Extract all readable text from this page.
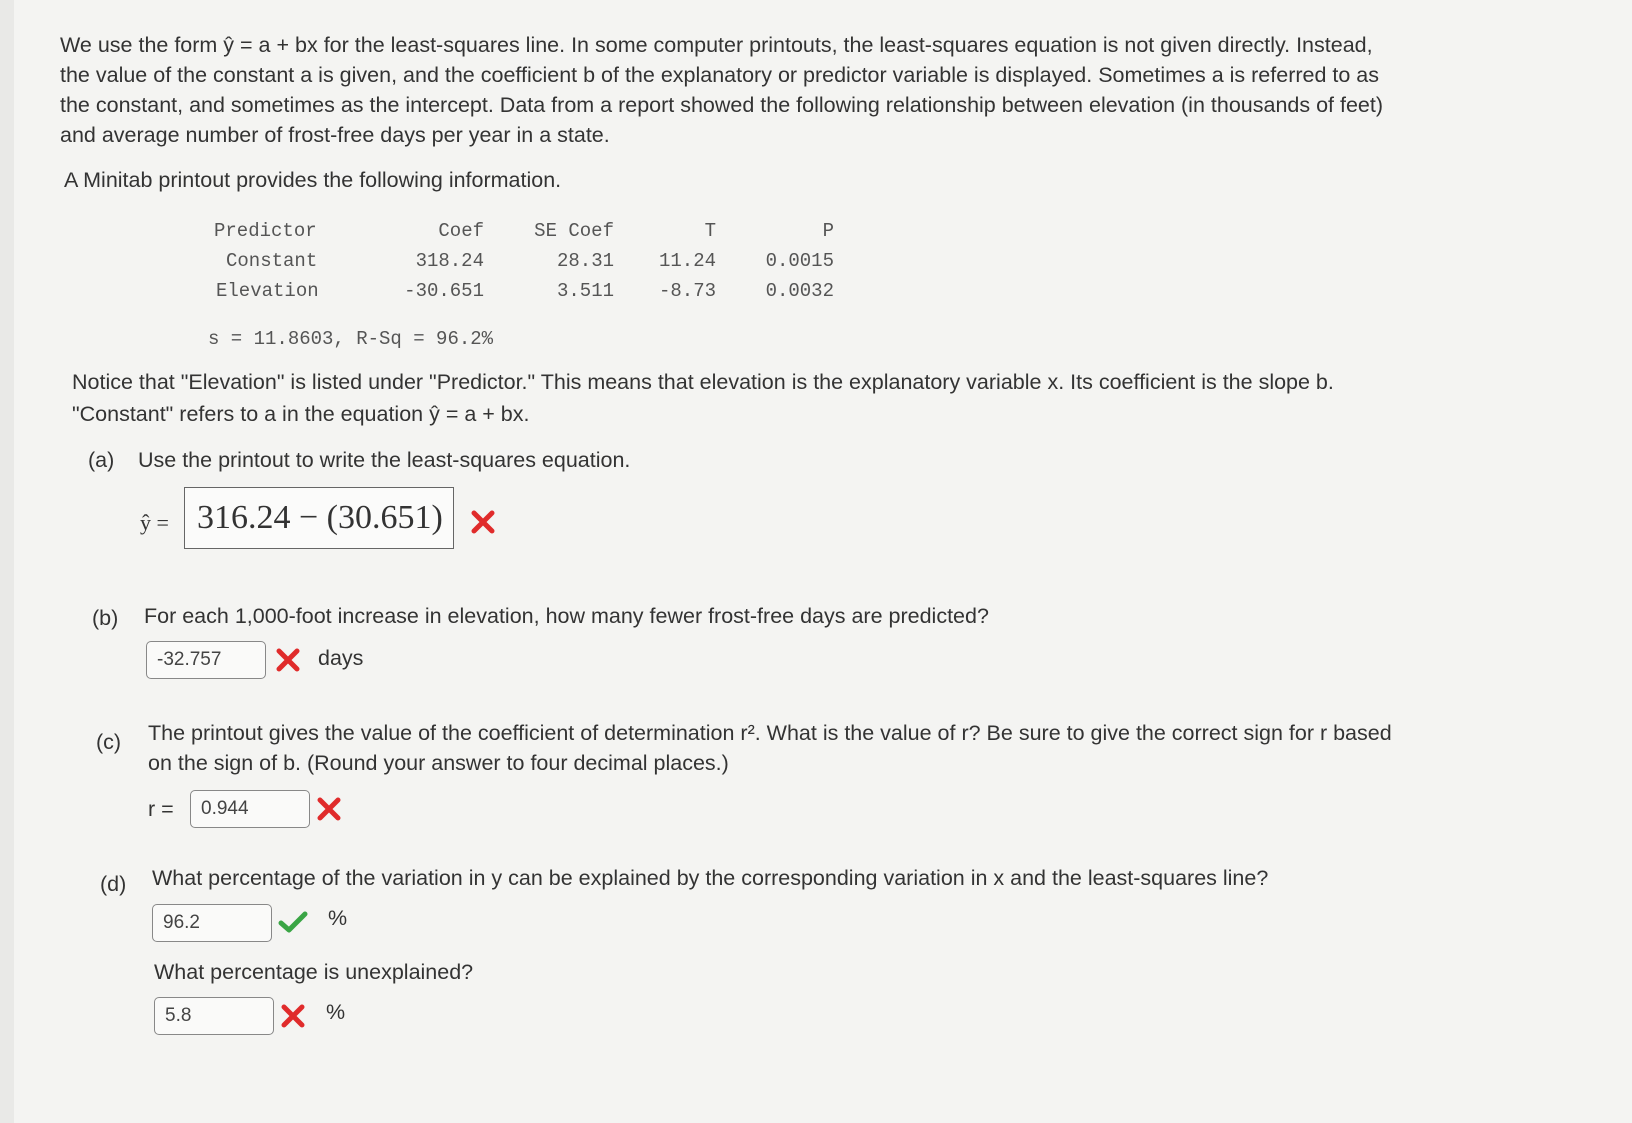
We use the form ŷ = a + bx for the least-squares line. In some computer printouts, the least-squares equation is not given directly. Instead,
the value of the constant a is given, and the coefficient b of the explanatory or predictor variable is displayed. Sometimes a is referred to as
the constant, and sometimes as the intercept. Data from a report showed the following relationship between elevation (in thousands of feet)
and average number of frost-free days per year in a state.
A Minitab printout provides the following information.
Predictor	Coef	SE Coef	T	P
Constant	318.24	28.31	11.24	0.0015
Elevation	-30.651	3.511	-8.73	0.0032
s = 11.8603, R-Sq = 96.2%
Notice that "Elevation" is listed under "Predictor." This means that elevation is the explanatory variable x. Its coefficient is the slope b.
"Constant" refers to a in the equation ŷ = a + bx.
(a) Use the printout to write the least-squares equation.
ŷ = 316.24 − (30.651)
(b) For each 1,000-foot increase in elevation, how many fewer frost-free days are predicted?
-32.757	days
(c) The printout gives the value of the coefficient of determination r². What is the value of r? Be sure to give the correct sign for r based
on the sign of b. (Round your answer to four decimal places.)
r =	0.944
(d) What percentage of the variation in y can be explained by the corresponding variation in x and the least-squares line?
96.2	%
What percentage is unexplained?
5.8	%
